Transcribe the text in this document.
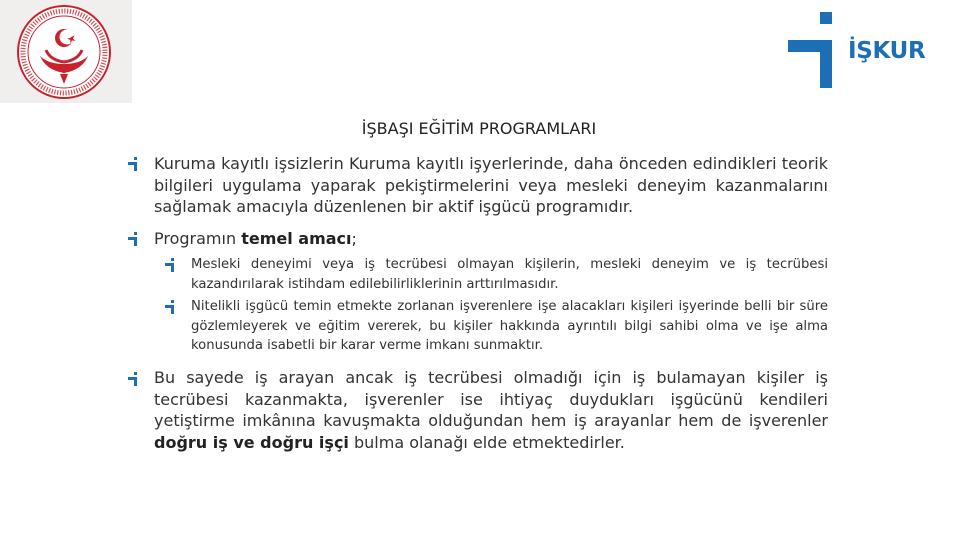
İŞKUR
İŞBAŞI EĞİTİM PROGRAMLARI
Kuruma kayıtlı işsizlerin Kuruma kayıtlı işyerlerinde, daha önceden edindikleri teorik bilgileri uygulama yaparak pekiştirmelerini veya mesleki deneyim kazanmalarını sağlamak amacıyla düzenlenen bir aktif işgücü programıdır.
Programın temel amacı;
Mesleki deneyimi veya iş tecrübesi olmayan kişilerin, mesleki deneyim ve iş tecrübesi kazandırılarak istihdam edilebilirliklerinin arttırılmasıdır.
Nitelikli işgücü temin etmekte zorlanan işverenlere işe alacakları kişileri işyerinde belli bir süre gözlemleyerek ve eğitim vererek, bu kişiler hakkında ayrıntılı bilgi sahibi olma ve işe alma konusunda isabetli bir karar verme imkanı sunmaktır.
Bu sayede iş arayan ancak iş tecrübesi olmadığı için iş bulamayan kişiler iş tecrübesi kazanmakta, işverenler ise ihtiyaç duydukları işgücünü kendileri yetiştirme imkânına kavuşmakta olduğundan hem iş arayanlar hem de işverenler doğru iş ve doğru işçi bulma olanağı elde etmektedirler.
